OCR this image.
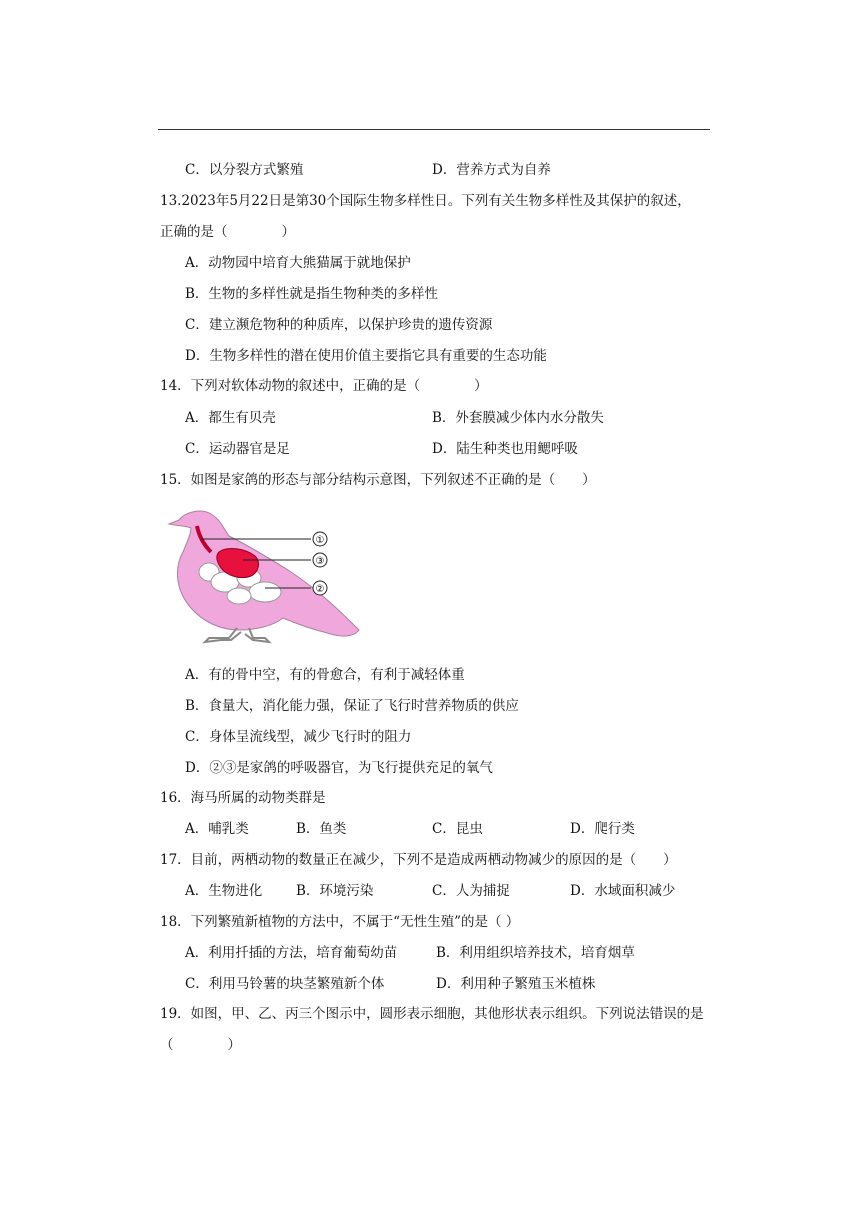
C．以分裂方式繁殖	D．营养方式为自养
13.2023年5月22日是第30个国际生物多样性日。下列有关生物多样性及其保护的叙述，
正确的是（　　　　）
A．动物园中培育大熊猫属于就地保护
B．生物的多样性就是指生物种类的多样性
C．建立濒危物种的种质库，以保护珍贵的遗传资源
D．生物多样性的潜在使用价值主要指它具有重要的生态功能
14．下列对软体动物的叙述中，正确的是（　　　　）
A．都生有贝壳	B．外套膜减少体内水分散失
C．运动器官是足	D．陆生种类也用鳃呼吸
15．如图是家鸽的形态与部分结构示意图，下列叙述不正确的是（　　）
①
③
②
A．有的骨中空，有的骨愈合，有利于减轻体重
B．食量大，消化能力强，保证了飞行时营养物质的供应
C．身体呈流线型，减少飞行时的阻力
D．②③是家鸽的呼吸器官，为飞行提供充足的氧气
16．海马所属的动物类群是
A．哺乳类	B．鱼类	C．昆虫	D．爬行类
17．目前，两栖动物的数量正在减少，下列不是造成两栖动物减少的原因的是（　　）
A．生物进化	B．环境污染	C．人为捕捉	D．水域面积减少
18．下列繁殖新植物的方法中，不属于“无性生殖”的是（ ）
A．利用扦插的方法，培育葡萄幼苗	B．利用组织培养技术，培育烟草
C．利用马铃薯的块茎繁殖新个体	D．利用种子繁殖玉米植株
19．如图，甲、乙、丙三个图示中，圆形表示细胞，其他形状表示组织。下列说法错误的是
（　　　　）
